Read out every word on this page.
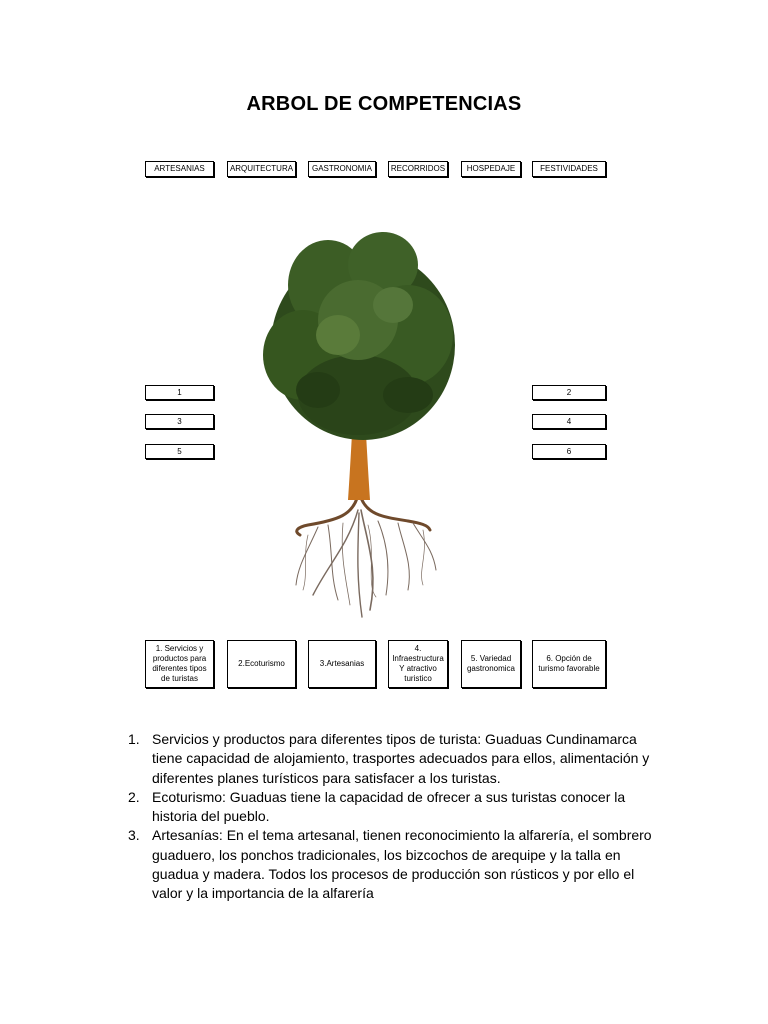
ARBOL DE COMPETENCIAS
ARTESANIAS	ARQUITECTURA	GASTRONOMIA	RECORRIDOS	HOSPEDAJE	FESTIVIDADES
1
3
5
2
4
6
1. Servicios y productos para diferentes tipos de turistas
2.Ecoturismo	3.Artesanias
4. Infraestructura Y atractivo turistico
5. Variedad gastronomica
6. Opción de turismo favorable
1. Servicios y productos para diferentes tipos de turista: Guaduas Cundinamarca tiene capacidad de alojamiento, trasportes adecuados para ellos, alimentación y diferentes planes turísticos para satisfacer a los turistas.
2. Ecoturismo: Guaduas tiene la capacidad de ofrecer a sus turistas conocer la historia del pueblo.
3. Artesanías: En el tema artesanal, tienen reconocimiento la alfarería, el sombrero guaduero, los ponchos tradicionales, los bizcochos de arequipe y la talla en guadua y madera. Todos los procesos de producción son rústicos y por ello el valor y la importancia de la alfarería
